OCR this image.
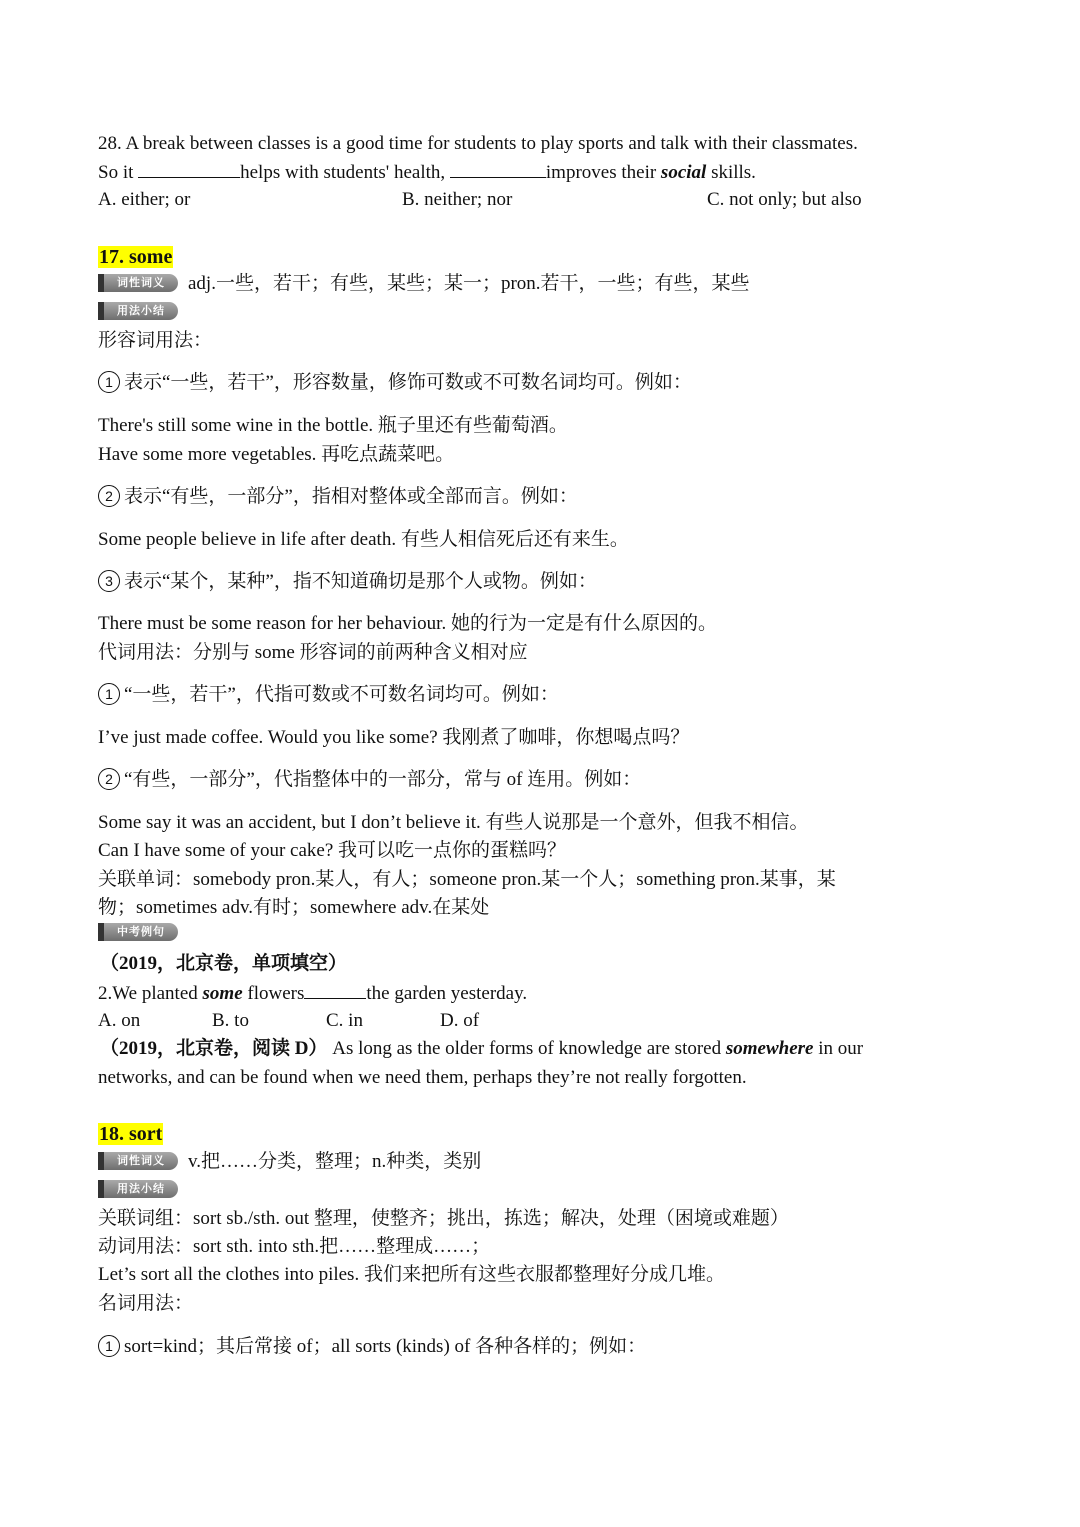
28. A break between classes is a good time for students to play sports and talk with their classmates.
So it	helps with students' health,	improves their social skills.
A. either; or	B. neither; nor	C. not only; but also
17. some
词性词义 adj.一些，若干；有些，某些；某一；pron.若干，一些；有些，某些
用法小结
形容词用法：
1 表示“一些，若干”，形容数量，修饰可数或不可数名词均可。例如：
There's still some wine in the bottle. 瓶子里还有些葡萄酒。
Have some more vegetables. 再吃点蔬菜吧。
2 表示“有些，一部分”，指相对整体或全部而言。例如：
Some people believe in life after death. 有些人相信死后还有来生。
3 表示“某个，某种”，指不知道确切是那个人或物。例如：
There must be some reason for her behaviour. 她的行为一定是有什么原因的。
代词用法：分别与 some 形容词的前两种含义相对应
1 “一些，若干”，代指可数或不可数名词均可。例如：
I’ve just made coffee. Would you like some? 我刚煮了咖啡，你想喝点吗？
2 “有些，一部分”，代指整体中的一部分，常与 of 连用。例如：
Some say it was an accident, but I don’t believe it. 有些人说那是一个意外，但我不相信。
Can I have some of your cake? 我可以吃一点你的蛋糕吗？
关联单词：somebody pron.某人，有人；someone pron.某一个人；something pron.某事，某
物；sometimes adv.有时；somewhere adv.在某处
中考例句
（2019，北京卷，单项填空）
2.We planted some flowers	the garden yesterday.
A. on	B. to	C. in	D. of
（2019，北京卷，阅读 D） As long as the older forms of knowledge are stored somewhere in our
networks, and can be found when we need them, perhaps they’re not really forgotten.
18. sort
词性词义 v.把……分类，整理；n.种类，类别
用法小结
关联词组：sort sb./sth. out 整理，使整齐；挑出，拣选；解决，处理（困境或难题）
动词用法：sort sth. into sth.把……整理成……；
Let’s sort all the clothes into piles. 我们来把所有这些衣服都整理好分成几堆。
名词用法：
1 sort=kind；其后常接 of；all sorts (kinds) of 各种各样的；例如：
